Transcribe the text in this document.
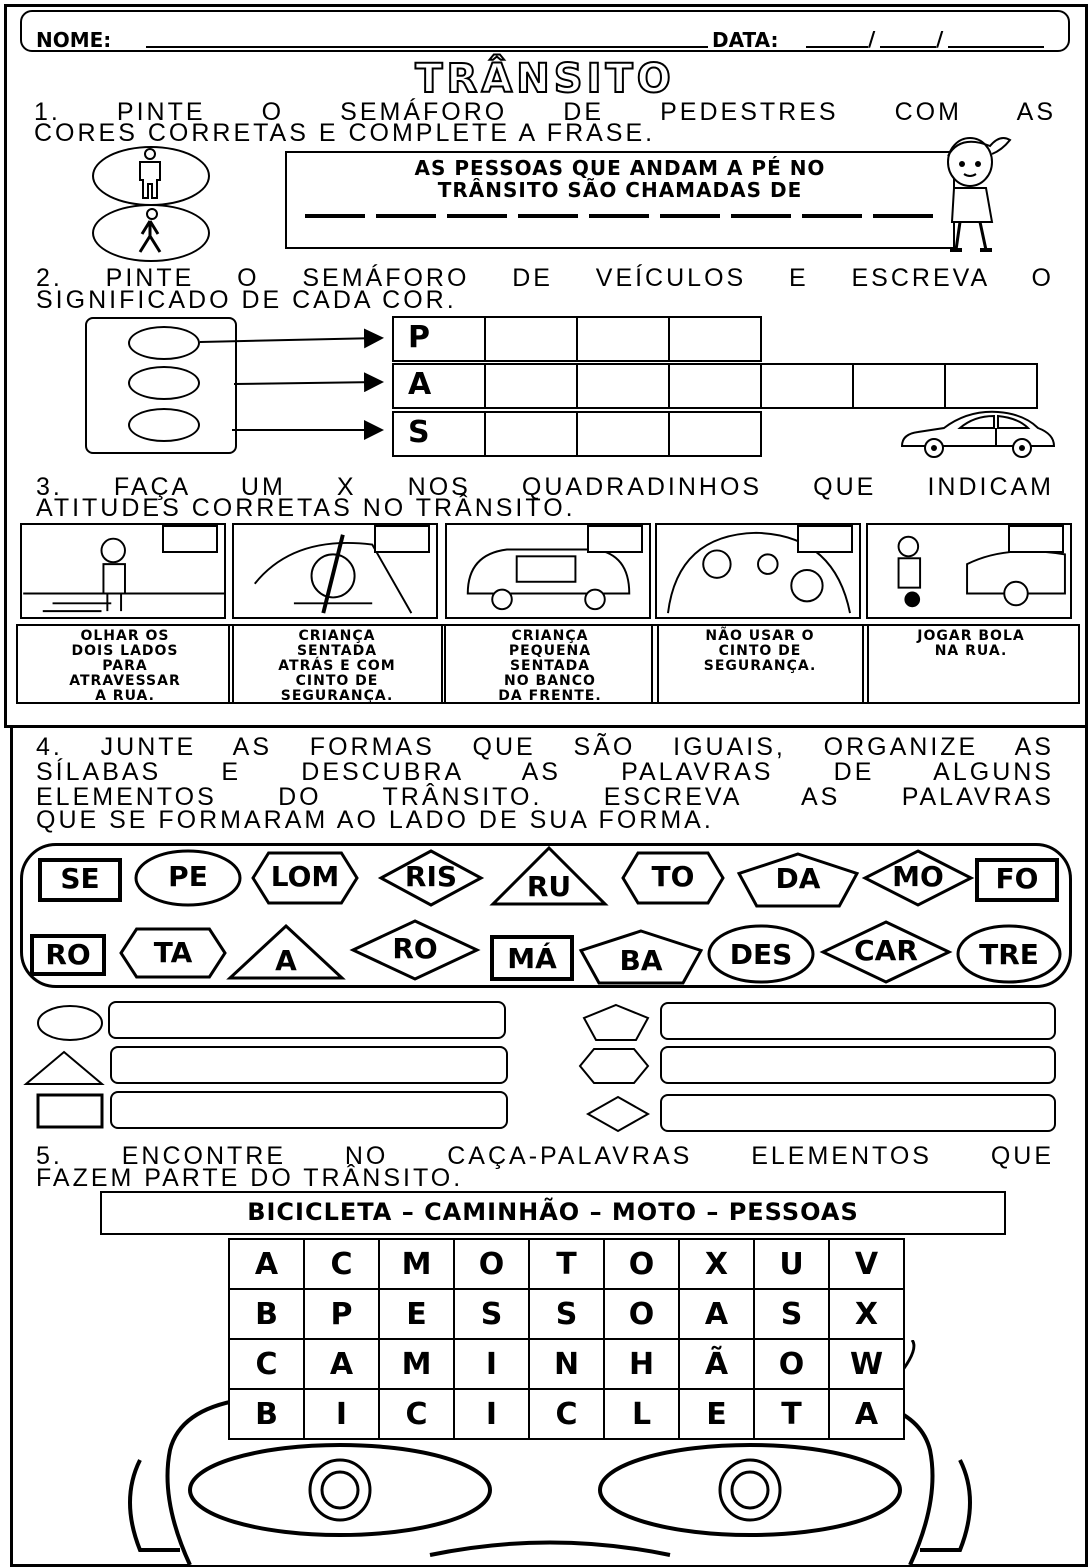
NOME:	DATA:	/	/
TRÂNSITO
1. PINTE O SEMÁFORO DE PEDESTRES COM AS
CORES CORRETAS E COMPLETE A FRASE.
AS PESSOAS QUE ANDAM A PÉ NO
TRÂNSITO SÃO CHAMADAS DE
2. PINTE O SEMÁFORO DE VEÍCULOS E ESCREVA O
SIGNIFICADO DE CADA COR.
P
A
S
3. FAÇA UM X NOS QUADRADINHOS QUE INDICAM
ATITUDES CORRETAS NO TRÂNSITO.
OLHAR OS
DOIS LADOS
PARA
ATRAVESSAR
A RUA.
CRIANÇA
SENTADA
ATRÁS E COM
CINTO DE
SEGURANÇA.
CRIANÇA
PEQUENA
SENTADA
NO BANCO
DA FRENTE.
NÃO USAR O
CINTO DE
SEGURANÇA.
JOGAR BOLA
NA RUA.
4. JUNTE AS FORMAS QUE SÃO IGUAIS, ORGANIZE AS
SÍLABAS E DESCUBRA AS PALAVRAS DE ALGUNS
ELEMENTOS DO TRÂNSITO. ESCREVA AS PALAVRAS
QUE SE FORMARAM AO LADO DE SUA FORMA.
SE PE LOM RIS RU	TO	DA	MO FO
RO TA	A	RO MÁ BA DES CAR TRE
5. ENCONTRE NO CAÇA-PALAVRAS ELEMENTOS QUE
FAZEM PARTE DO TRÂNSITO.
BICICLETA – CAMINHÃO – MOTO – PESSOAS
A	C	M	O	T	O	X	U	V
B	P	E	S	S	O	A	S	X
C	A	M	I	N	H	Ã	O	W
B	I	C	I	C	L	E	T	A
